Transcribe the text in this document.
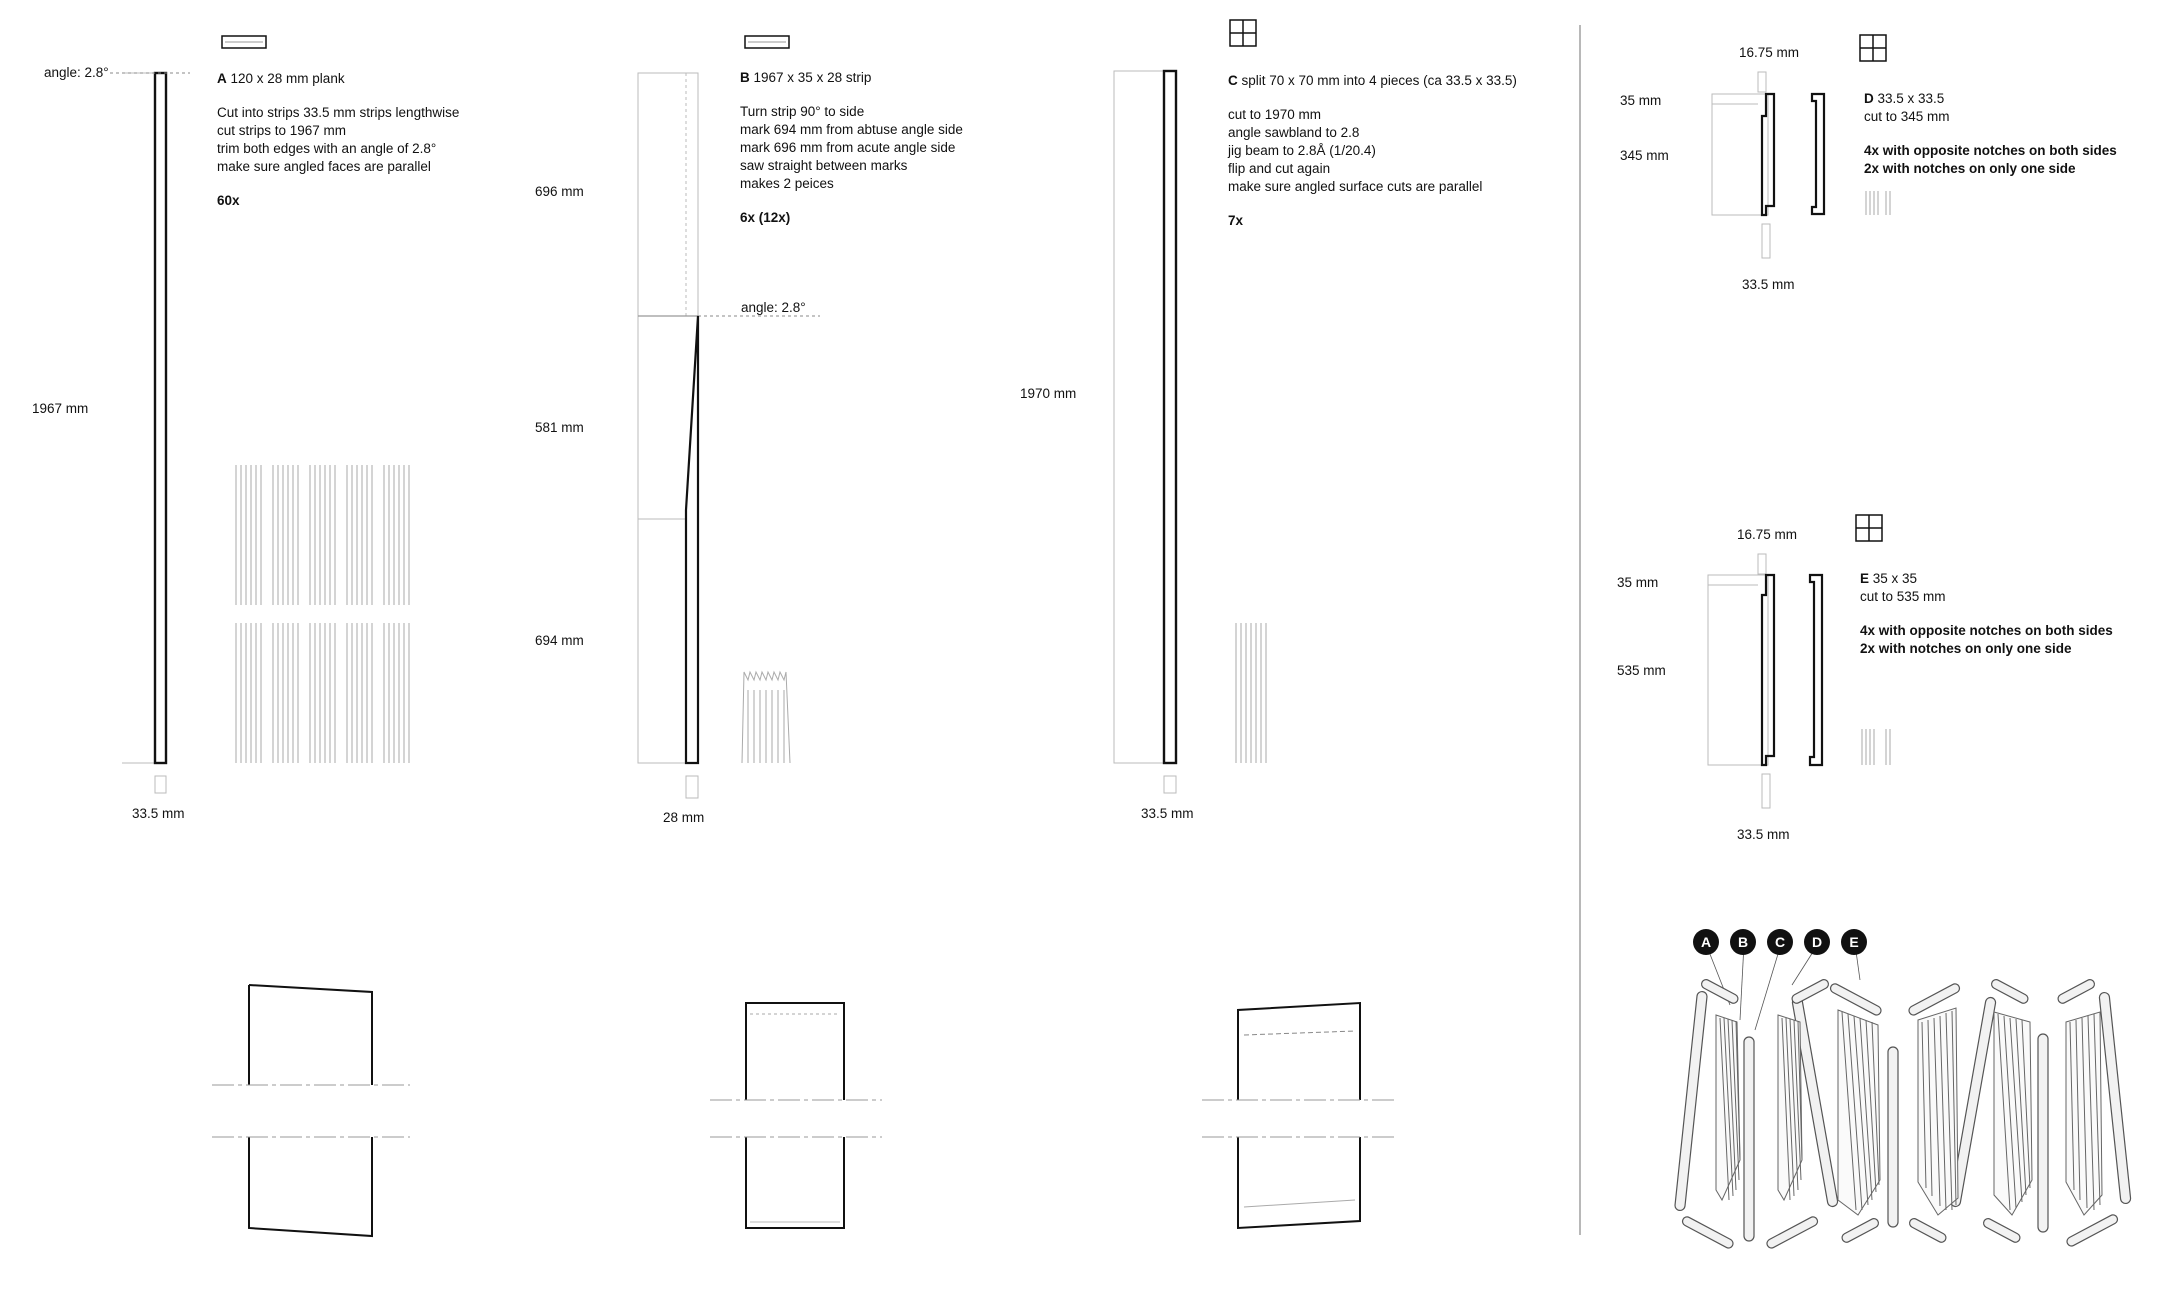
angle: 2.8°
1967 mm
33.5 mm
A 120 x 28 mm plank
Cut into strips 33.5 mm strips lengthwise
cut strips to 1967 mm
trim both edges with an angle of 2.8°
make sure angled faces are parallel
60x
B 1967 x 35 x 28 strip
Turn strip 90° to side
mark 694 mm from abtuse angle side
mark 696 mm from acute angle side
saw straight between marks
makes 2 peices
6x (12x)
angle: 2.8°
696 mm
581 mm
694 mm
28 mm
C split 70 x 70 mm into 4 pieces (ca 33.5 x 33.5)
cut to 1970 mm
angle sawbland to 2.8
jig beam to 2.8Å (1/20.4)
flip and cut again
make sure angled surface cuts are parallel
7x
1970 mm
33.5 mm
16.75 mm
35 mm
345 mm
33.5 mm
D 33.5 x 33.5
cut to 345 mm
4x with opposite notches on both sides
2x with notches on only one side
16.75 mm
35 mm
535 mm
33.5 mm
E 35 x 35
cut to 535 mm
4x with opposite notches on both sides
2x with notches on only one side
A	B	C	D	E
